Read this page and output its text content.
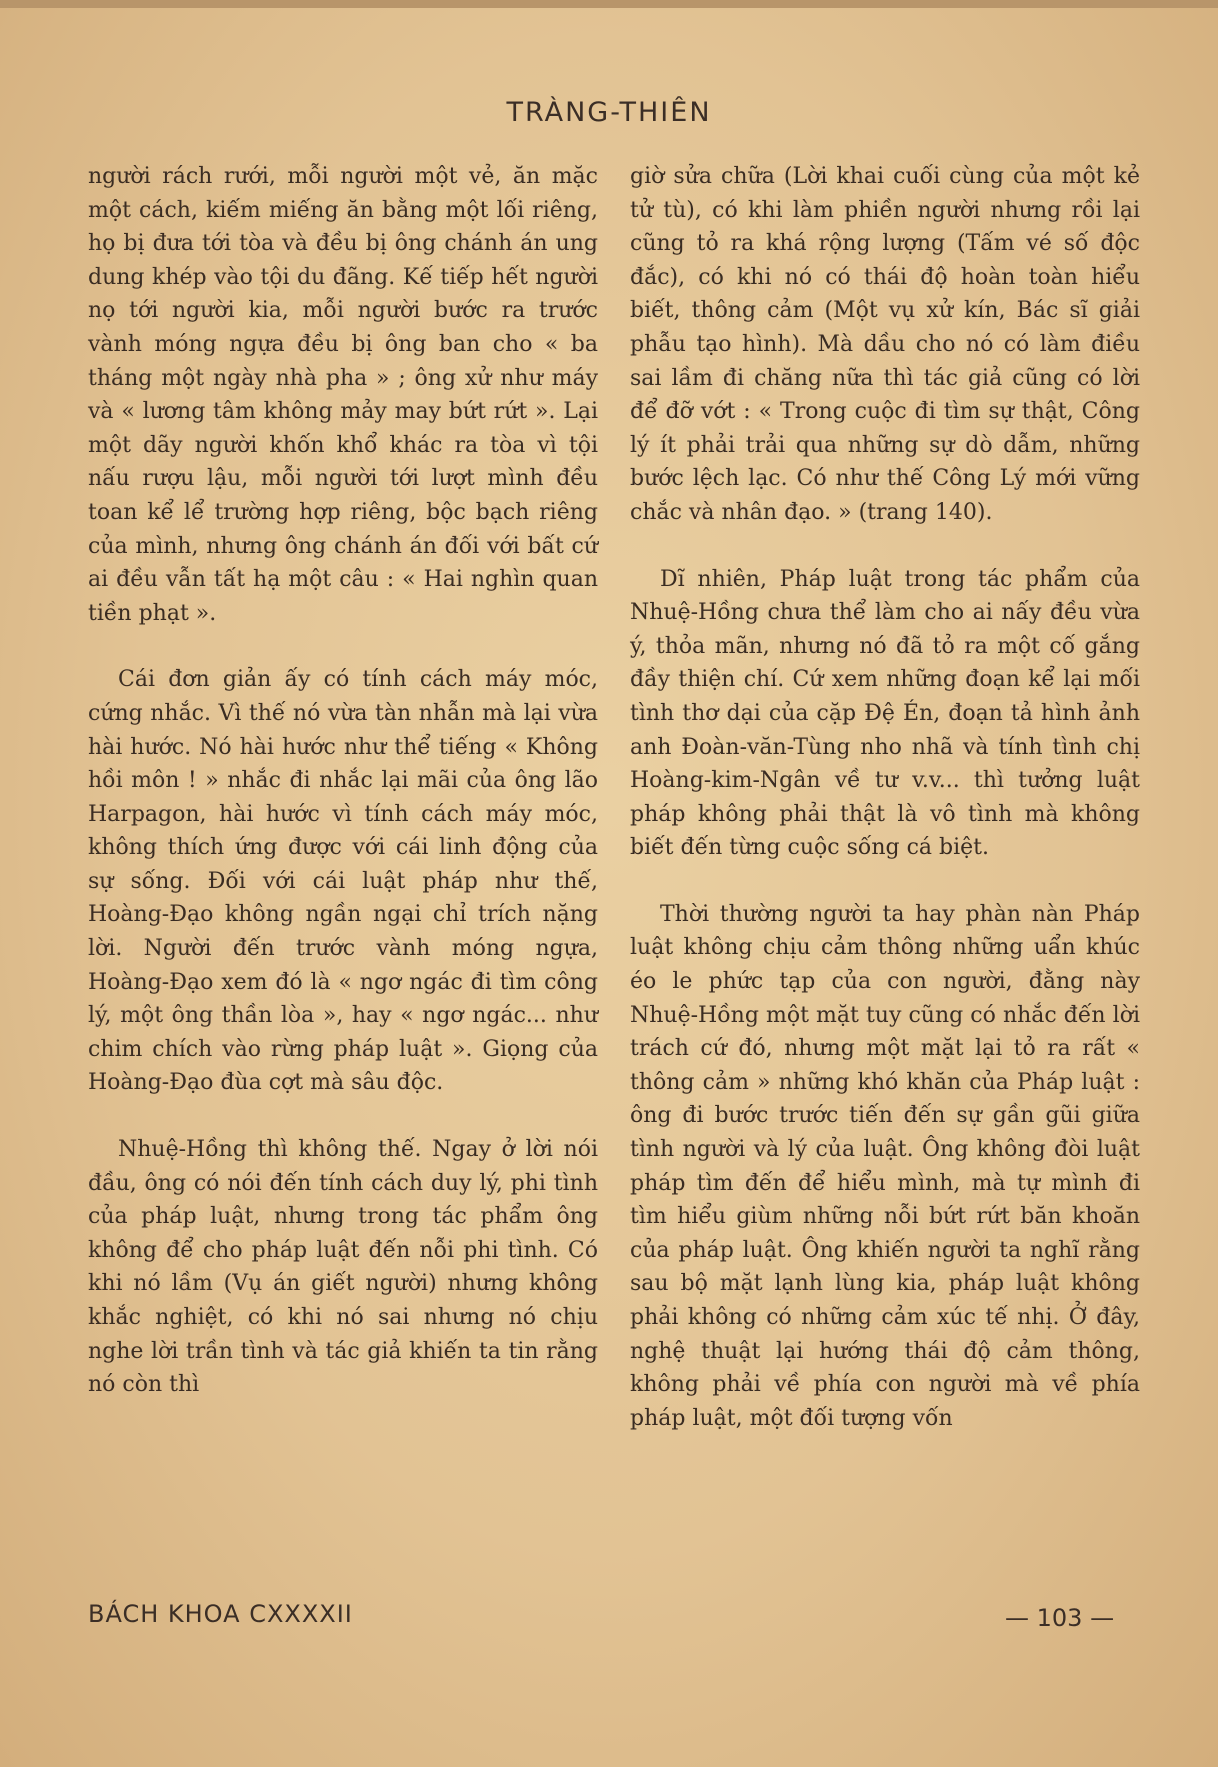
TRÀNG-THIÊN

người rách rưới, mỗi người một vẻ, ăn mặc một cách, kiếm miếng ăn bằng một lối riêng, họ bị đưa tới tòa và đều bị ông chánh án ung dung khép vào tội du đãng. Kế tiếp hết người nọ tới người kia, mỗi người bước ra trước vành móng ngựa đều bị ông ban cho « ba tháng một ngày nhà pha » ; ông xử như máy và « lương tâm không mảy may bứt rứt ». Lại một dãy người khốn khổ khác ra tòa vì tội nấu rượu lậu, mỗi người tới lượt mình đều toan kể lể trường hợp riêng, bộc bạch riêng của mình, nhưng ông chánh án đối với bất cứ ai đều vẫn tất hạ một câu : « Hai nghìn quan tiền phạt ».

Cái đơn giản ấy có tính cách máy móc, cứng nhắc. Vì thế nó vừa tàn nhẫn mà lại vừa hài hước. Nó hài hước như thể tiếng « Không hồi môn ! » nhắc đi nhắc lại mãi của ông lão Harpagon, hài hước vì tính cách máy móc, không thích ứng được với cái linh động của sự sống. Đối với cái luật pháp như thế, Hoàng-Đạo không ngần ngại chỉ trích nặng lời. Người đến trước vành móng ngựa, Hoàng-Đạo xem đó là « ngơ ngác đi tìm công lý, một ông thần lòa », hay « ngơ ngác... như chim chích vào rừng pháp luật ». Giọng của Hoàng-Đạo đùa cợt mà sâu độc.

Nhuệ-Hồng thì không thế. Ngay ở lời nói đầu, ông có nói đến tính cách duy lý, phi tình của pháp luật, nhưng trong tác phẩm ông không để cho pháp luật đến nỗi phi tình. Có khi nó lầm (Vụ án giết người) nhưng không khắc nghiệt, có khi nó sai nhưng nó chịu nghe lời trần tình và tác giả khiến ta tin rằng nó còn thì

giờ sửa chữa (Lời khai cuối cùng của một kẻ tử tù), có khi làm phiền người nhưng rồi lại cũng tỏ ra khá rộng lượng (Tấm vé số độc đắc), có khi nó có thái độ hoàn toàn hiểu biết, thông cảm (Một vụ xử kín, Bác sĩ giải phẫu tạo hình). Mà dầu cho nó có làm điều sai lầm đi chăng nữa thì tác giả cũng có lời để đỡ vớt : « Trong cuộc đi tìm sự thật, Công lý ít phải trải qua những sự dò dẫm, những bước lệch lạc. Có như thế Công Lý mới vững chắc và nhân đạo. » (trang 140).

Dĩ nhiên, Pháp luật trong tác phẩm của Nhuệ-Hồng chưa thể làm cho ai nấy đều vừa ý, thỏa mãn, nhưng nó đã tỏ ra một cố gắng đầy thiện chí. Cứ xem những đoạn kể lại mối tình thơ dại của cặp Đệ Én, đoạn tả hình ảnh anh Đoàn-văn-Tùng nho nhã và tính tình chị Hoàng-kim-Ngân về tư v.v... thì tưởng luật pháp không phải thật là vô tình mà không biết đến từng cuộc sống cá biệt.

Thời thường người ta hay phàn nàn Pháp luật không chịu cảm thông những uẩn khúc éo le phức tạp của con người, đằng này Nhuệ-Hồng một mặt tuy cũng có nhắc đến lời trách cứ đó, nhưng một mặt lại tỏ ra rất « thông cảm » những khó khăn của Pháp luật : ông đi bước trước tiến đến sự gần gũi giữa tình người và lý của luật. Ông không đòi luật pháp tìm đến để hiểu mình, mà tự mình đi tìm hiểu giùm những nỗi bứt rứt băn khoăn của pháp luật. Ông khiến người ta nghĩ rằng sau bộ mặt lạnh lùng kia, pháp luật không phải không có những cảm xúc tế nhị. Ở đây, nghệ thuật lại hướng thái độ cảm thông, không phải về phía con người mà về phía pháp luật, một đối tượng vốn

BÁCH KHOA CXXXXII	— 103 —
